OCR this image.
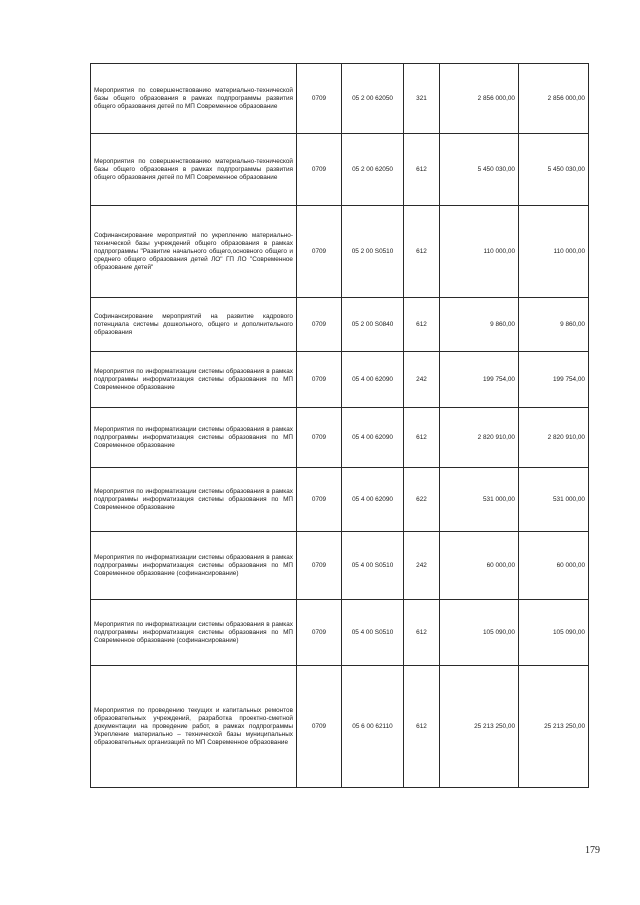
Мероприятия по совершенствованию материально-технической базы общего образования в рамках подпрограммы развития общего образования детей по МП Современное образование	0709	05 2 00 62050	321	2 856 000,00	2 856 000,00
Мероприятия по совершенствованию материально-технической базы общего образования в рамках подпрограммы развития общего образования детей по МП Современное образование	0709	05 2 00 62050	612	5 450 030,00	5 450 030,00
Софинансирование мероприятий по укреплению материально-технической базы учреждений общего образования в рамках подпрограммы "Развитие начального общего,основного общего и среднего общего образования детей ЛО" ГП ЛО "Современное образование детей"	0709	05 2 00 S0510	612	110 000,00	110 000,00
Софинансирование мероприятий на развитие кадрового потенциала системы дошкольного, общего и дополнительного образования	0709	05 2 00 S0840	612	9 860,00	9 860,00
Мероприятия по информатизации системы образования в рамках подпрограммы информатизация системы образования по МП Современное образование	0709	05 4 00 62090	242	199 754,00	199 754,00
Мероприятия по информатизации системы образования в рамках подпрограммы информатизация системы образования по МП Современное образование	0709	05 4 00 62090	612	2 820 910,00	2 820 910,00
Мероприятия по информатизации системы образования в рамках подпрограммы информатизация системы образования по МП Современное образование	0709	05 4 00 62090	622	531 000,00	531 000,00
Мероприятия по информатизации системы образования в рамках подпрограммы информатизация системы образования по МП Современное образование (софинансирование)	0709	05 4 00 S0510	242	60 000,00	60 000,00
Мероприятия по информатизации системы образования в рамках подпрограммы информатизация системы образования по МП Современное образование (софинансирование)	0709	05 4 00 S0510	612	105 090,00	105 090,00
Мероприятия по проведению текущих и капитальных ремонтов образовательных учреждений, разработка проектно-сметной документации на проведение работ, в рамках подпрограммы Укрепление материально – технической базы муниципальных образовательных организаций по МП Современное образование	0709	05 6 00 62110	612	25 213 250,00	25 213 250,00
179
